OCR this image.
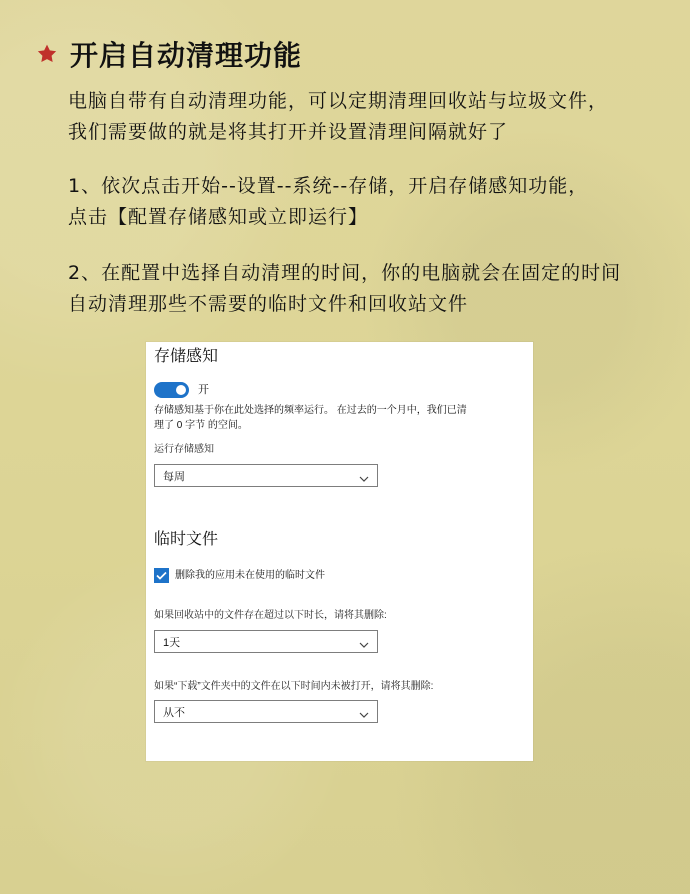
开启自动清理功能
电脑自带有自动清理功能，可以定期清理回收站与垃圾文件，
我们需要做的就是将其打开并设置清理间隔就好了
1、依次点击开始--设置--系统--存储，开启存储感知功能，
点击【配置存储感知或立即运行】
2、在配置中选择自动清理的时间，你的电脑就会在固定的时间
自动清理那些不需要的临时文件和回收站文件
存储感知
开
存储感知基于你在此处选择的频率运行。 在过去的一个月中，我们已清
理了 0 字节 的空间。
运行存储感知
每周
临时文件
删除我的应用未在使用的临时文件
如果回收站中的文件存在超过以下时长，请将其删除:
1天
如果“下载”文件夹中的文件在以下时间内未被打开，请将其删除:
从不
